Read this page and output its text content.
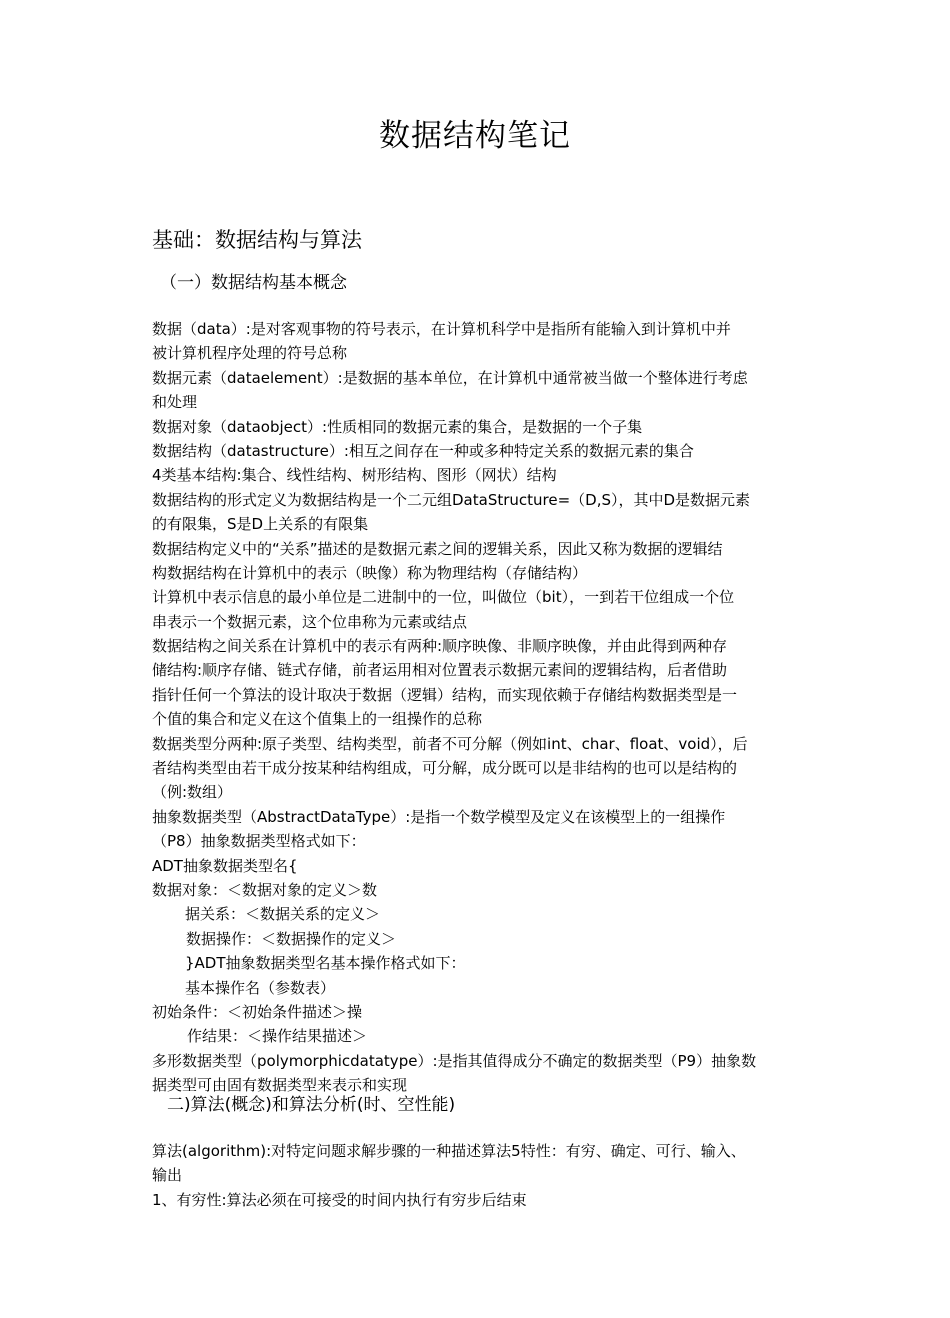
数据结构笔记
基础：数据结构与算法
（一）数据结构基本概念
数据（data）:是对客观事物的符号表示，在计算机科学中是指所有能输入到计算机中并
被计算机程序处理的符号总称
数据元素（dataelement）:是数据的基本单位，在计算机中通常被当做一个整体进行考虑
和处理
数据对象（dataobject）:性质相同的数据元素的集合，是数据的一个子集
数据结构（datastructure）:相互之间存在一种或多种特定关系的数据元素的集合
4类基本结构:集合、线性结构、树形结构、图形（网状）结构
数据结构的形式定义为数据结构是一个二元组DataStructure=（D,S），其中D是数据元素
的有限集，S是D上关系的有限集
数据结构定义中的“关系”描述的是数据元素之间的逻辑关系，因此又称为数据的逻辑结
构数据结构在计算机中的表示（映像）称为物理结构（存储结构）
计算机中表示信息的最小单位是二进制中的一位，叫做位（bit），一到若干位组成一个位
串表示一个数据元素，这个位串称为元素或结点
数据结构之间关系在计算机中的表示有两种:顺序映像、非顺序映像，并由此得到两种存
储结构:顺序存储、链式存储，前者运用相对位置表示数据元素间的逻辑结构，后者借助
指针任何一个算法的设计取决于数据（逻辑）结构，而实现依赖于存储结构数据类型是一
个值的集合和定义在这个值集上的一组操作的总称
数据类型分两种:原子类型、结构类型，前者不可分解（例如int、char、float、void），后
者结构类型由若干成分按某种结构组成，可分解，成分既可以是非结构的也可以是结构的
（例:数组）
抽象数据类型（AbstractDataType）:是指一个数学模型及定义在该模型上的一组操作
（P8）抽象数据类型格式如下：
ADT抽象数据类型名{
数据对象：＜数据对象的定义＞数
据关系：＜数据关系的定义＞
数据操作：＜数据操作的定义＞
}ADT抽象数据类型名基本操作格式如下：
基本操作名（参数表）
初始条件：＜初始条件描述＞操
作结果：＜操作结果描述＞
多形数据类型（polymorphicdatatype）:是指其值得成分不确定的数据类型（P9）抽象数
据类型可由固有数据类型来表示和实现
二)算法(概念)和算法分析(时、空性能)
算法(algorithm):对特定问题求解步骤的一种描述算法5特性：有穷、确定、可行、输入、
输出
1、有穷性:算法必须在可接受的时间内执行有穷步后结束
